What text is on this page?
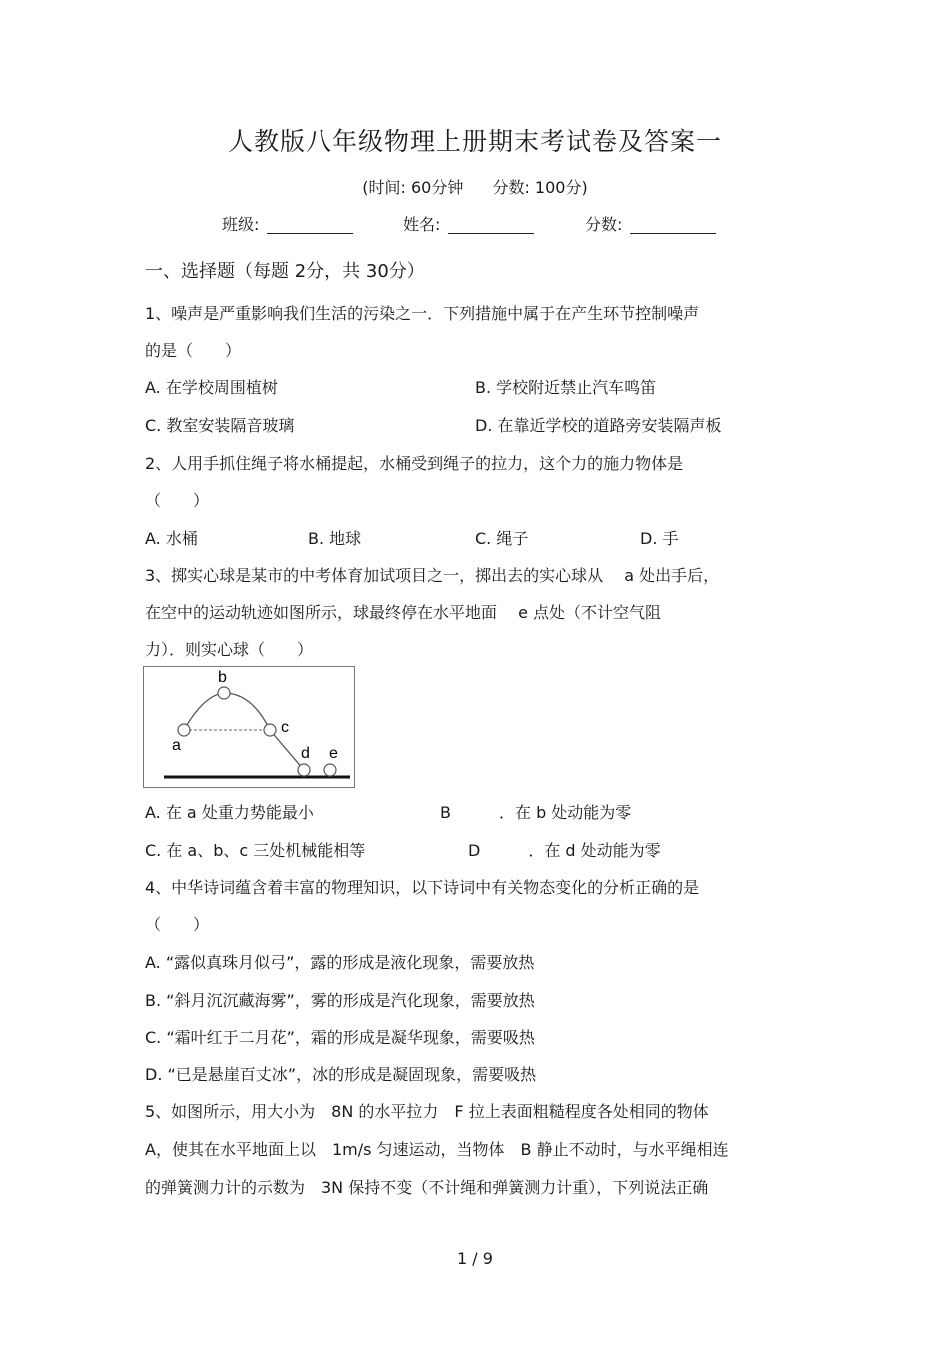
人教版八年级物理上册期末考试卷及答案一
(时间: 60分钟 分数: 100分)
班级:	姓名:	分数:
一、选择题（每题 2分，共 30分）
1、噪声是严重影响我们生活的污染之一．下列措施中属于在产生环节控制噪声
的是（　　）
A. 在学校周围植树	B. 学校附近禁止汽车鸣笛
C. 教室安装隔音玻璃	D. 在靠近学校的道路旁安装隔声板
2、人用手抓住绳子将水桶提起，水桶受到绳子的拉力，这个力的施力物体是
（　　）
A. 水桶	B. 地球	C. 绳子	D. 手
3、掷实心球是某市的中考体育加试项目之一，掷出去的实心球从　 a 处出手后，
在空中的运动轨迹如图所示，球最终停在水平地面　 e 点处（不计空气阻
力）．则实心球（　　）
a
b
c
d e
A. 在 a 处重力势能最小	B　　　．在 b 处动能为零
C. 在 a、b、c 三处机械能相等	D　　　．在 d 处动能为零
4、中华诗词蕴含着丰富的物理知识，以下诗词中有关物态变化的分析正确的是
（　　）
A. “露似真珠月似弓”，露的形成是液化现象，需要放热
B. “斜月沉沉藏海雾”，雾的形成是汽化现象，需要放热
C. “霜叶红于二月花”，霜的形成是凝华现象，需要吸热
D. “已是悬崖百丈冰”，冰的形成是凝固现象，需要吸热
5、如图所示，用大小为　8N 的水平拉力　F 拉上表面粗糙程度各处相同的物体
A，使其在水平地面上以　1m/s 匀速运动，当物体　B 静止不动时，与水平绳相连
的弹簧测力计的示数为　3N 保持不变（不计绳和弹簧测力计重），下列说法正确
1 / 9
